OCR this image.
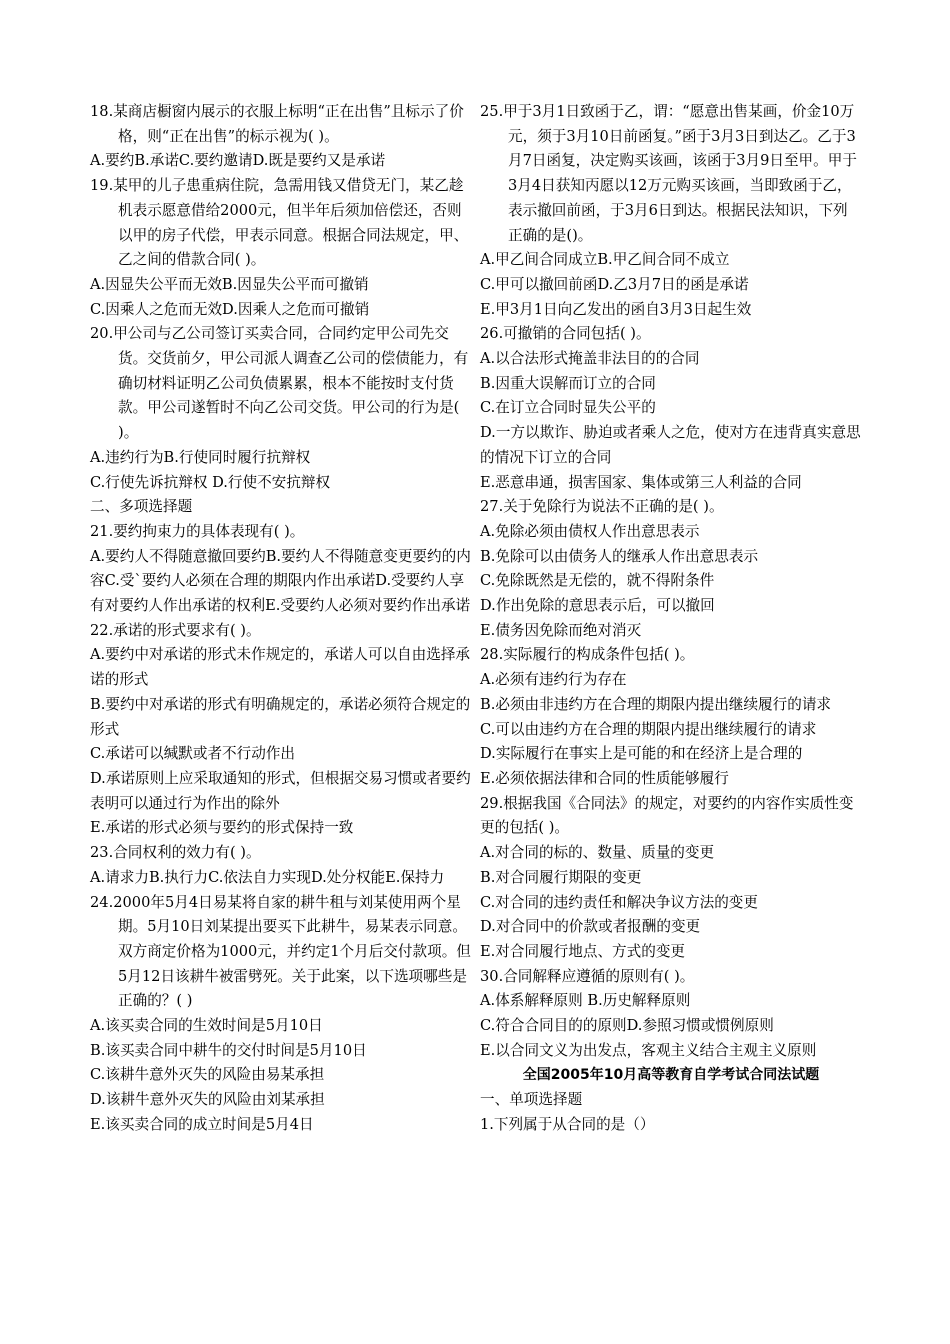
18.某商店橱窗内展示的衣服上标明“正在出售”且标示了价格，则“正在出售”的标示视为( )。

A.要约B.承诺C.要约邀请D.既是要约又是承诺

19.某甲的儿子患重病住院，急需用钱又借贷无门，某乙趁机表示愿意借给2000元，但半年后须加倍偿还，否则以甲的房子代偿，甲表示同意。根据合同法规定，甲、乙之间的借款合同( )。

A.因显失公平而无效B.因显失公平而可撤销

C.因乘人之危而无效D.因乘人之危而可撤销

20.甲公司与乙公司签订买卖合同，合同约定甲公司先交货。交货前夕，甲公司派人调查乙公司的偿债能力，有确切材料证明乙公司负债累累，根本不能按时支付货款。甲公司遂暂时不向乙公司交货。甲公司的行为是( )。

A.违约行为B.行使同时履行抗辩权

C.行使先诉抗辩权 D.行使不安抗辩权

二、多项选择题

21.要约拘束力的具体表现有( )。

A.要约人不得随意撤回要约B.要约人不得随意变更要约的内容C.受`要约人必须在合理的期限内作出承诺D.受要约人享有对要约人作出承诺的权利E.受要约人必须对要约作出承诺

22.承诺的形式要求有( )。

A.要约中对承诺的形式未作规定的，承诺人可以自由选择承诺的形式

B.要约中对承诺的形式有明确规定的，承诺必须符合规定的形式

C.承诺可以缄默或者不行动作出

D.承诺原则上应采取通知的形式，但根据交易习惯或者要约表明可以通过行为作出的除外

E.承诺的形式必须与要约的形式保持一致

23.合同权利的效力有( )。

A.请求力B.执行力C.依法自力实现D.处分权能E.保持力

24.2000年5月4日易某将自家的耕牛租与刘某使用两个星期。5月10日刘某提出要买下此耕牛，易某表示同意。双方商定价格为1000元，并约定1个月后交付款项。但5月12日该耕牛被雷劈死。关于此案，以下选项哪些是正确的？( )

A.该买卖合同的生效时间是5月10日

B.该买卖合同中耕牛的交付时间是5月10日

C.该耕牛意外灭失的风险由易某承担

D.该耕牛意外灭失的风险由刘某承担

E.该买卖合同的成立时间是5月4日

25.甲于3月1日致函于乙，谓：“愿意出售某画，价金10万元，须于3月10日前函复。”函于3月3日到达乙。乙于3月7日函复，决定购买该画，该函于3月9日至甲。甲于3月4日获知丙愿以12万元购买该画，当即致函于乙，表示撤回前函，于3月6日到达。根据民法知识，下列正确的是()。

A.甲乙间合同成立B.甲乙间合同不成立

C.甲可以撤回前函D.乙3月7日的函是承诺

E.甲3月1日向乙发出的函自3月3日起生效

26.可撤销的合同包括( )。

A.以合法形式掩盖非法目的的合同

B.因重大误解而订立的合同

C.在订立合同时显失公平的

D.一方以欺诈、胁迫或者乘人之危，使对方在违背真实意思的情况下订立的合同

E.恶意串通，损害国家、集体或第三人利益的合同

27.关于免除行为说法不正确的是( )。

A.免除必须由债权人作出意思表示

B.免除可以由债务人的继承人作出意思表示

C.免除既然是无偿的，就不得附条件

D.作出免除的意思表示后，可以撤回

E.债务因免除而绝对消灭

28.实际履行的构成条件包括( )。

A.必须有违约行为存在

B.必须由非违约方在合理的期限内提出继续履行的请求

C.可以由违约方在合理的期限内提出继续履行的请求

D.实际履行在事实上是可能的和在经济上是合理的

E.必须依据法律和合同的性质能够履行

29.根据我国《合同法》的规定，对要约的内容作实质性变更的包括( )。

A.对合同的标的、数量、质量的变更

B.对合同履行期限的变更

C.对合同的违约责任和解决争议方法的变更

D.对合同中的价款或者报酬的变更

E.对合同履行地点、方式的变更

30.合同解释应遵循的原则有( )。

A.体系解释原则 B.历史解释原则

C.符合合同目的的原则D.参照习惯或惯例原则

E.以合同文义为出发点，客观主义结合主观主义原则

全国2005年10月高等教育自学考试合同法试题

一、单项选择题

1.下列属于从合同的是（）
